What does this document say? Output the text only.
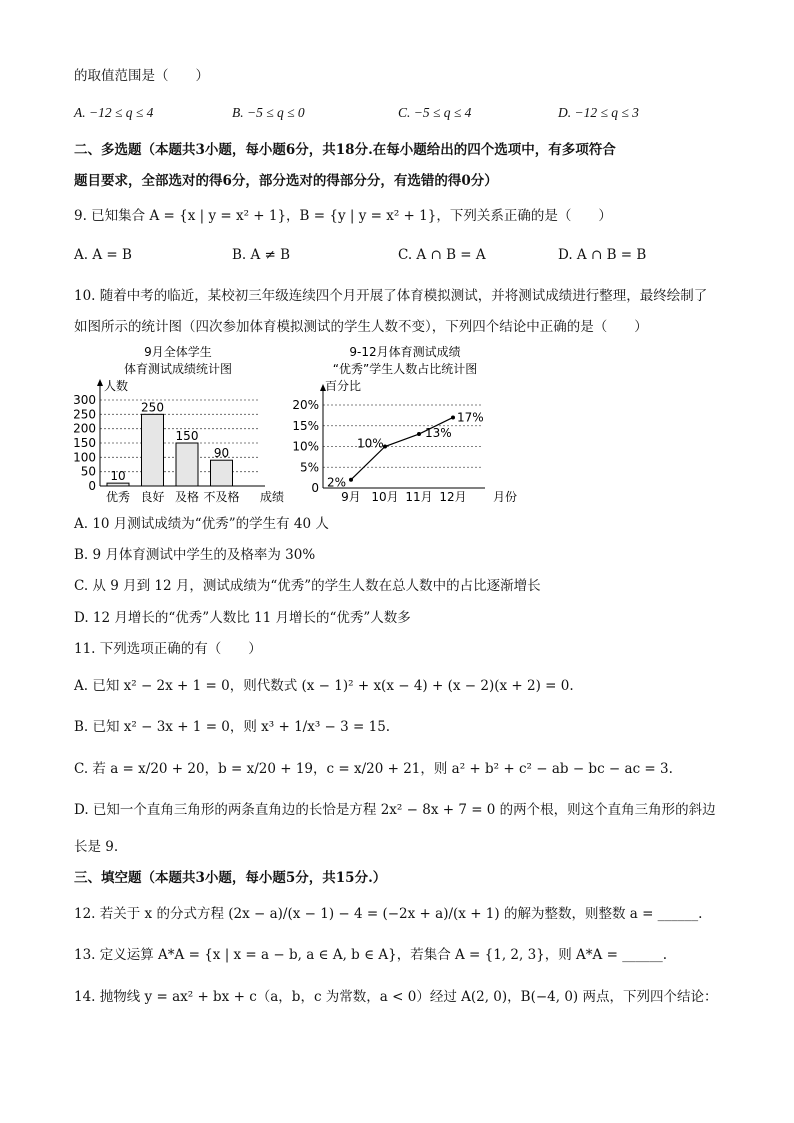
的取值范围是（　　）
A. −12 ≤ q ≤ 4	B. −5 ≤ q ≤ 0	C. −5 ≤ q ≤ 4	D. −12 ≤ q ≤ 3
二、多选题（本题共3小题，每小题6分，共18分.在每小题给出的四个选项中，有多项符合
题目要求，全部选对的得6分，部分选对的得部分分，有选错的得0分）
9. 已知集合 A = {x | y = x² + 1}，B = {y | y = x² + 1}，下列关系正确的是（　　）
A. A = B	B. A ≠ B	C. A ∩ B = A	D. A ∩ B = B
10. 随着中考的临近，某校初三年级连续四个月开展了体育模拟测试，并将测试成绩进行整理，最终绘制了
如图所示的统计图（四次参加体育模拟测试的学生人数不变），下列四个结论中正确的是（　　）
9月全体学生
体育测试成绩统计图
人数
0
50
100
150
200
250
300
10
优秀
250
良好
150
及格
90
不及格 成绩
9-12月体育测试成绩
“优秀”学生人数占比统计图
百分比
0
5%
10%
15%
20%
2%
9月
10%
10月
13%
11月
17%
12月 月份
A. 10 月测试成绩为“优秀”的学生有 40 人
B. 9 月体育测试中学生的及格率为 30%
C. 从 9 月到 12 月，测试成绩为“优秀”的学生人数在总人数中的占比逐渐增长
D. 12 月增长的“优秀”人数比 11 月增长的“优秀”人数多
11. 下列选项正确的有（　　）
A. 已知 x² − 2x + 1 = 0，则代数式 (x − 1)² + x(x − 4) + (x − 2)(x + 2) = 0.
B. 已知 x² − 3x + 1 = 0，则 x³ + 1/x³ − 3 = 15.
C. 若 a = x/20 + 20，b = x/20 + 19，c = x/20 + 21，则 a² + b² + c² − ab − bc − ac = 3.
D. 已知一个直角三角形的两条直角边的长恰是方程 2x² − 8x + 7 = 0 的两个根，则这个直角三角形的斜边
长是 9.
三、填空题（本题共3小题，每小题5分，共15分.）
12. 若关于 x 的分式方程 (2x − a)/(x − 1) − 4 = (−2x + a)/(x + 1) 的解为整数，则整数 a = ______.
13. 定义运算 A*A = {x | x = a − b, a ∈ A, b ∈ A}，若集合 A = {1, 2, 3}，则 A*A = ______.
14. 抛物线 y = ax² + bx + c（a，b，c 为常数，a < 0）经过 A(2, 0)，B(−4, 0) 两点，下列四个结论：
